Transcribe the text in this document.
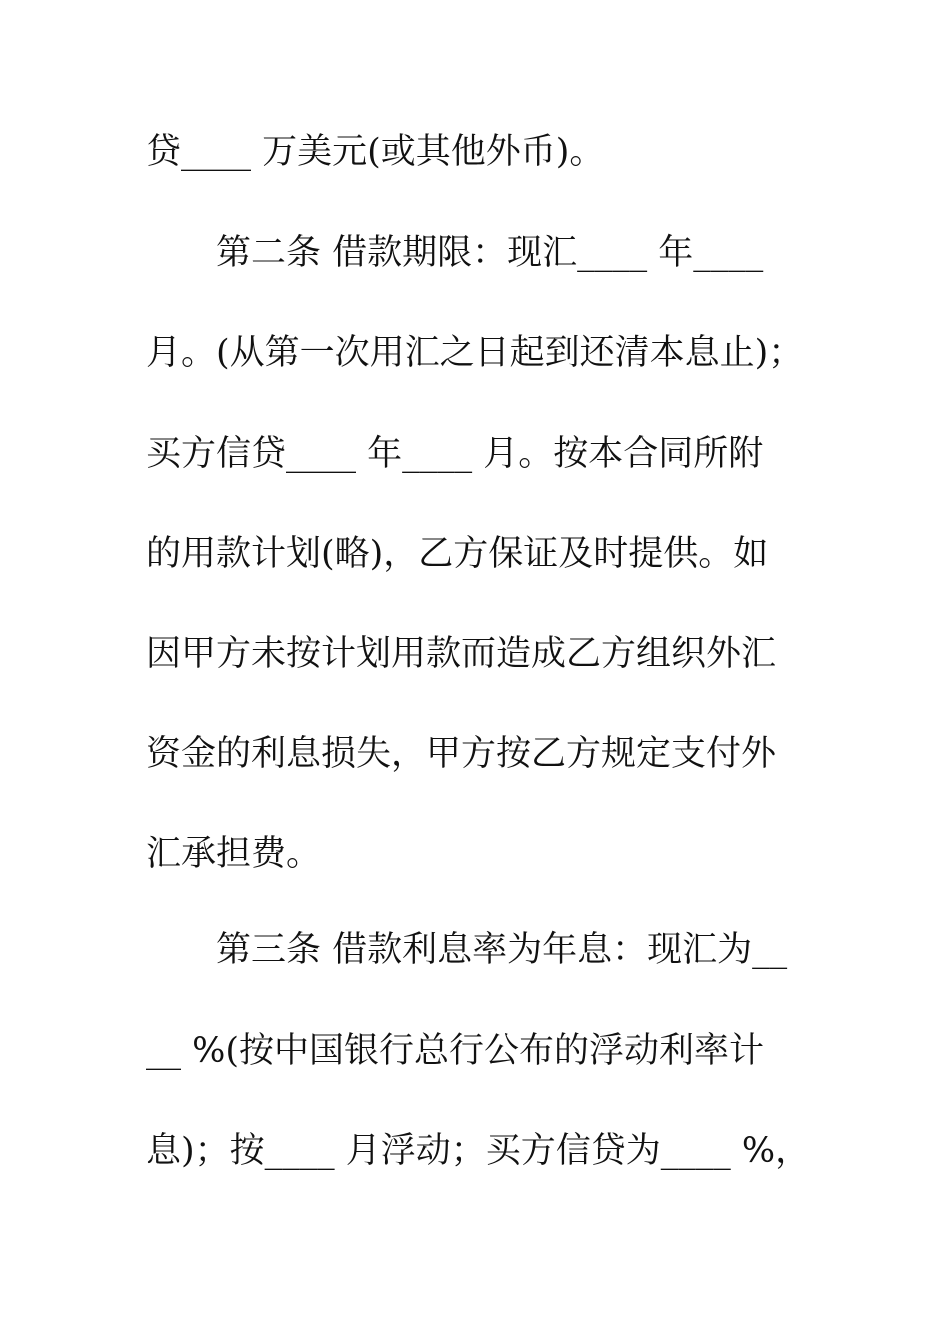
贷____ 万美元(或其他外币)。
第二条 借款期限：现汇____ 年____
月。(从第一次用汇之日起到还清本息止)；
买方信贷____ 年____ 月。按本合同所附
的用款计划(略)，乙方保证及时提供。如
因甲方未按计划用款而造成乙方组织外汇
资金的利息损失，甲方按乙方规定支付外
汇承担费。
第三条 借款利息率为年息：现汇为__
__ %(按中国银行总行公布的浮动利率计
息)；按____ 月浮动；买方信贷为____ %，
